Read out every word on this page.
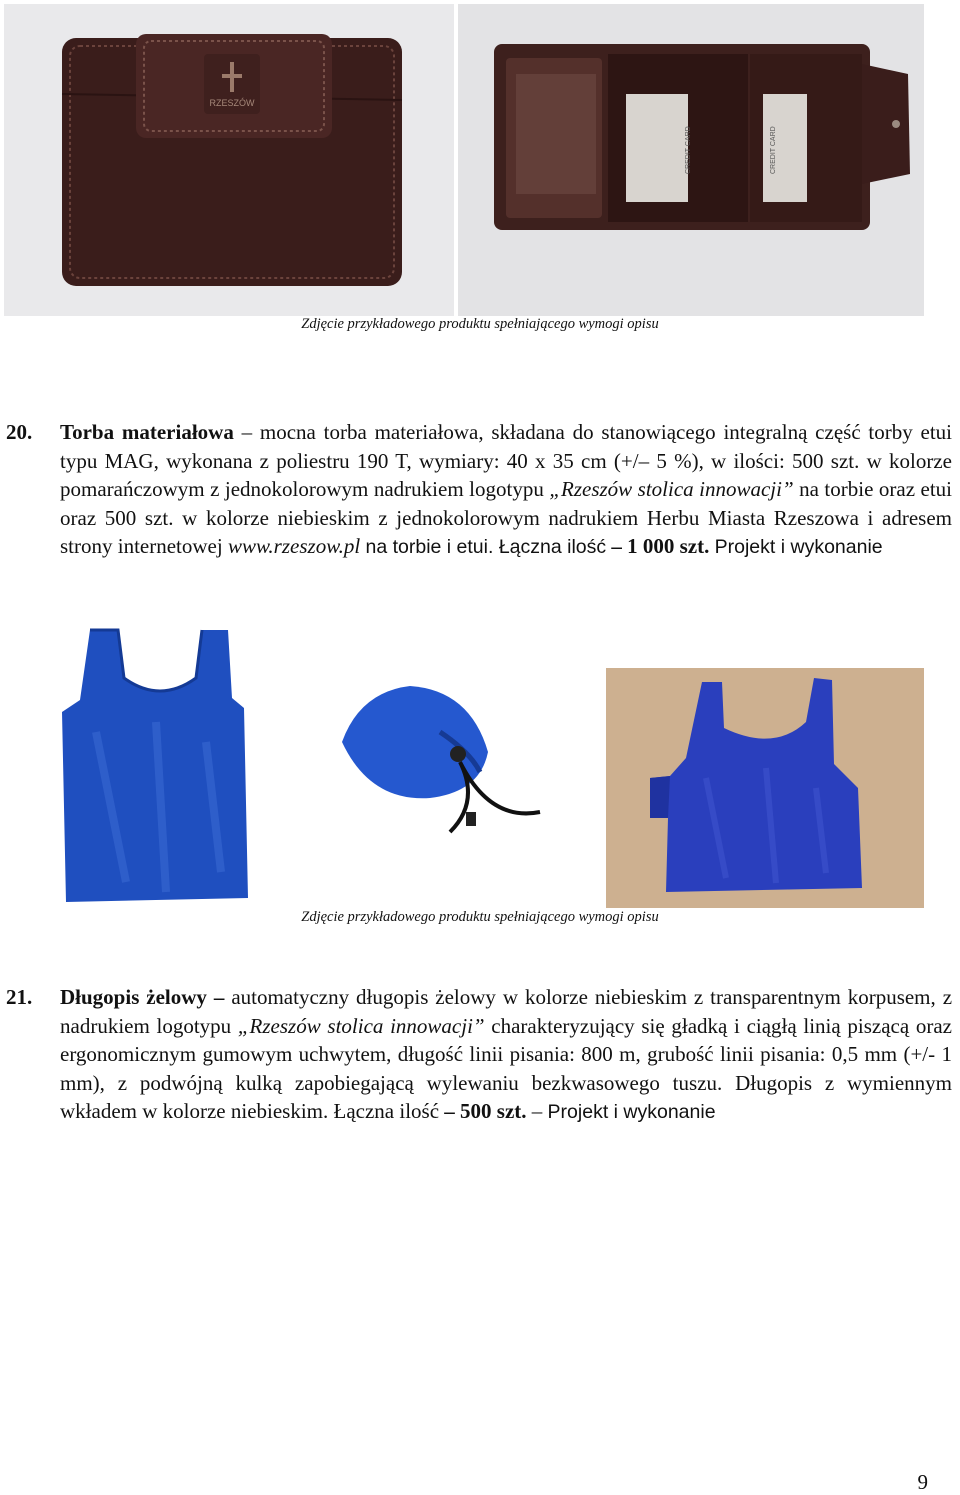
RZESZÓW
CREDIT CARD	CREDIT CARD
Zdjęcie przykładowego produktu spełniającego wymogi opisu
20. Torba materiałowa – mocna torba materiałowa, składana do stanowiącego integralną część torby etui typu MAG, wykonana z poliestru 190 T, wymiary: 40 x 35 cm (+/– 5 %), w ilości: 500 szt. w kolorze pomarańczowym z jednokolorowym nadrukiem logotypu „Rzeszów stolica innowacji” na torbie oraz etui oraz 500 szt. w kolorze niebieskim z jednokolorowym nadrukiem Herbu Miasta Rzeszowa i adresem strony internetowej www.rzeszow.pl na torbie i etui. Łączna ilość – 1 000 szt. Projekt i wykonanie
Zdjęcie przykładowego produktu spełniającego wymogi opisu
21. Długopis żelowy – automatyczny długopis żelowy w kolorze niebieskim z transparentnym korpusem, z nadrukiem logotypu „Rzeszów stolica innowacji” charakteryzujący się gładką i ciągłą linią piszącą oraz ergonomicznym gumowym uchwytem, długość linii pisania: 800 m, grubość linii pisania: 0,5 mm (+/- 1 mm), z podwójną kulką zapobiegającą wylewaniu bezkwasowego tuszu. Długopis z wymiennym wkładem w kolorze niebieskim. Łączna ilość – 500 szt. – Projekt i wykonanie
9
